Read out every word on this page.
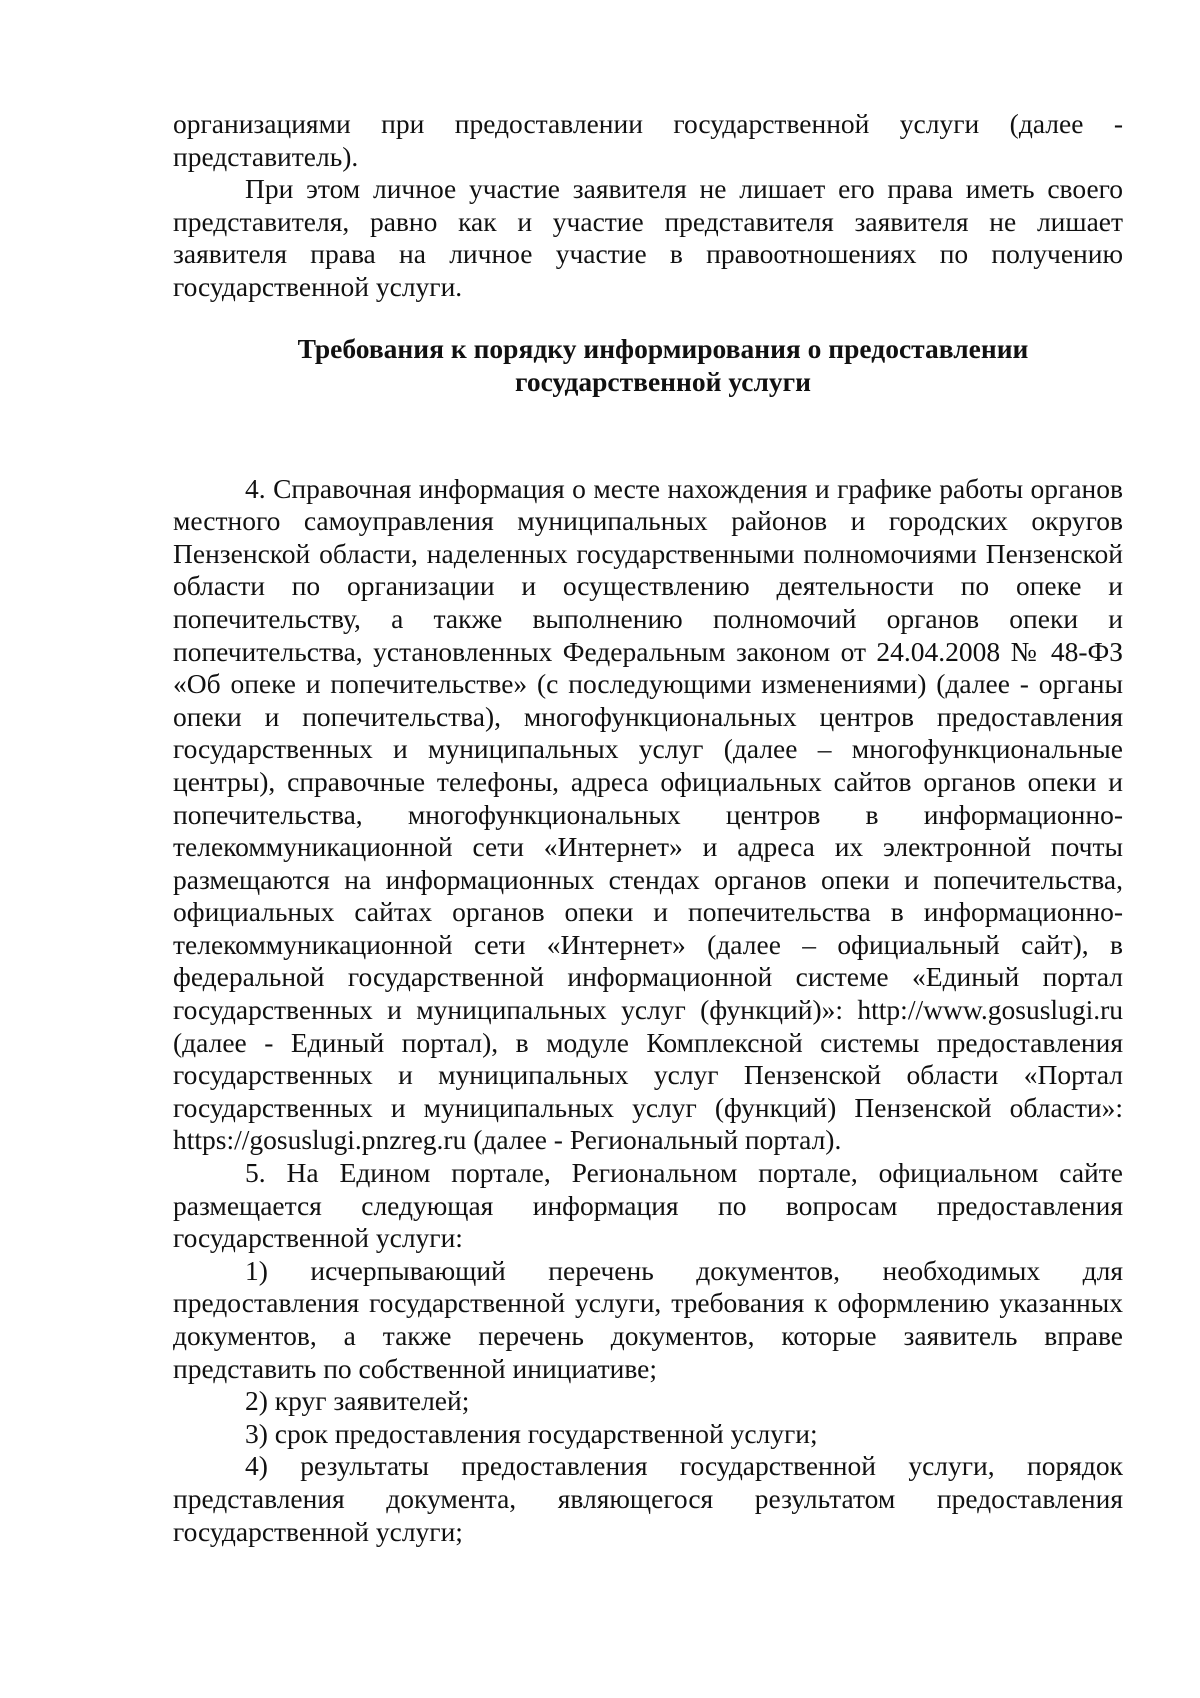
организациями при предоставлении государственной услуги (далее - представитель).

При этом личное участие заявителя не лишает его права иметь своего представителя, равно как и участие представителя заявителя не лишает заявителя права на личное участие в правоотношениях по получению государственной услуги.

Требования к порядку информирования о предоставлении
государственной услуги

4. Справочная информация о месте нахождения и графике работы органов местного самоуправления муниципальных районов и городских округов Пензенской области, наделенных государственными полномочиями Пензенской области по организации и осуществлению деятельности по опеке и попечительству, а также выполнению полномочий органов опеки и попечительства, установленных Федеральным законом от 24.04.2008 № 48-ФЗ «Об опеке и попечительстве» (с последующими изменениями) (далее - органы опеки и попечительства), многофункциональных центров предоставления государственных и муниципальных услуг (далее – многофункциональные центры), справочные телефоны, адреса официальных сайтов органов опеки и попечительства, многофункциональных центров в информационно-телекоммуникационной сети «Интернет» и адреса их электронной почты размещаются на информационных стендах органов опеки и попечительства, официальных сайтах органов опеки и попечительства в информационно-телекоммуникационной сети «Интернет» (далее – официальный сайт), в федеральной государственной информационной системе «Единый портал государственных и муниципальных услуг (функций)»: http://www.gosuslugi.ru (далее - Единый портал), в модуле Комплексной системы предоставления государственных и муниципальных услуг Пензенской области «Портал государственных и муниципальных услуг (функций) Пензенской области»: https://gosuslugi.pnzreg.ru (далее - Региональный портал).

5. На Едином портале, Региональном портале, официальном сайте размещается следующая информация по вопросам предоставления государственной услуги:

1) исчерпывающий перечень документов, необходимых для предоставления государственной услуги, требования к оформлению указанных документов, а также перечень документов, которые заявитель вправе представить по собственной инициативе;

2) круг заявителей;

3) срок предоставления государственной услуги;

4) результаты предоставления государственной услуги, порядок представления документа, являющегося результатом предоставления государственной услуги;
